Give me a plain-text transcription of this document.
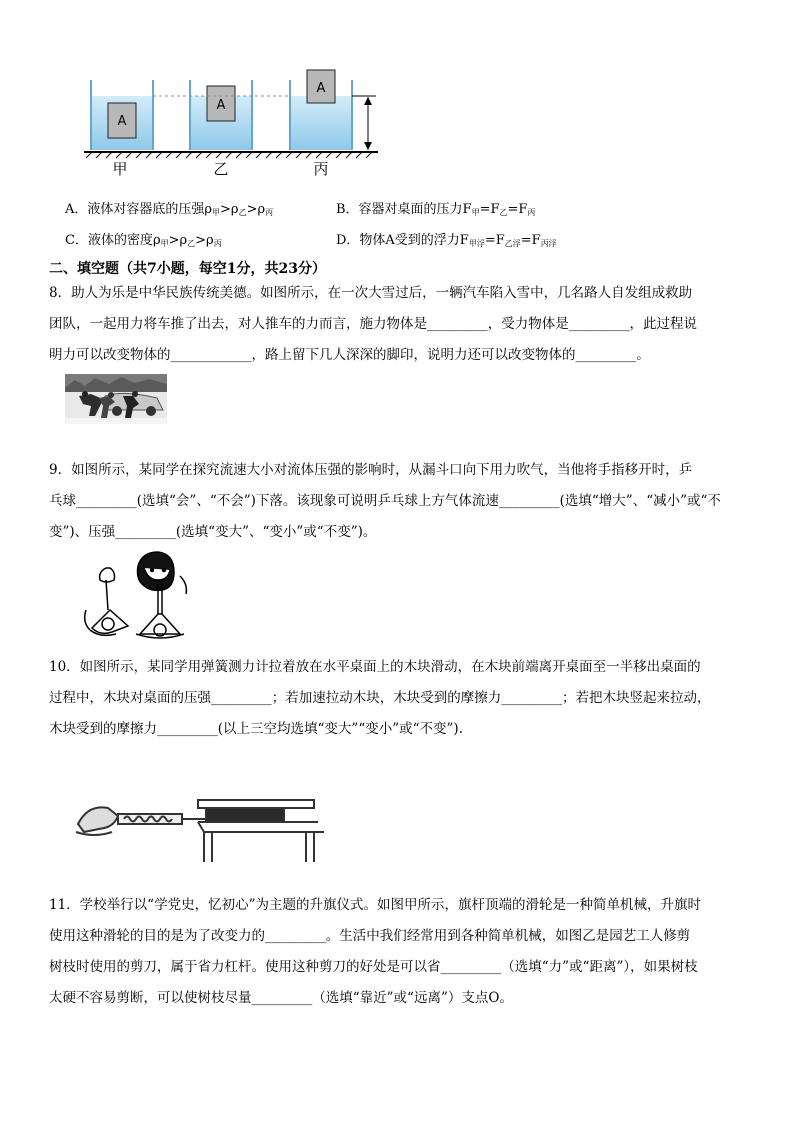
A
A
A
甲	乙	丙
A．液体对容器底的压强$\rho_甲>\rho_乙>\rho_丙$	B．容器对桌面的压力$F_甲=F_乙=F_丙$
C．液体的密度$\rho_甲>\rho_乙>\rho_丙$	D．物体A受到的浮力$F_{甲浮}=F_{乙浮}=F_{丙浮}$
二、填空题（共7小题，每空1分，共23分）
8．助人为乐是中华民族传统美德。如图所示，在一次大雪过后，一辆汽车陷入雪中，几名路人自发组成救助
团队，一起用力将车推了出去，对人推车的力而言，施力物体是_________，受力物体是_________，此过程说
明力可以改变物体的____________，路上留下几人深深的脚印，说明力还可以改变物体的_________。
9．如图所示，某同学在探究流速大小对流体压强的影响时，从漏斗口向下用力吹气，当他将手指移开时，乒
乓球_________(选填“会”、“不会”)下落。该现象可说明乒乓球上方气体流速_________(选填“增大”、“减小”或“不
变”)、压强_________(选填“变大”、“变小”或“不变”)。
10．如图所示，某同学用弹簧测力计拉着放在水平桌面上的木块滑动，在木块前端离开桌面至一半移出桌面的
过程中，木块对桌面的压强_________；若加速拉动木块，木块受到的摩擦力_________；若把木块竖起来拉动，
木块受到的摩擦力_________(以上三空均选填“变大”“变小”或“不变”).
11．学校举行以“学党史，忆初心”为主题的升旗仪式。如图甲所示，旗杆顶端的滑轮是一种简单机械，升旗时
使用这种滑轮的目的是为了改变力的_________。生活中我们经常用到各种简单机械，如图乙是园艺工人修剪
树枝时使用的剪刀，属于省力杠杆。使用这种剪刀的好处是可以省_________（选填“力”或“距离”），如果树枝
太硬不容易剪断，可以使树枝尽量_________（选填“靠近”或“远离”）支点O。
